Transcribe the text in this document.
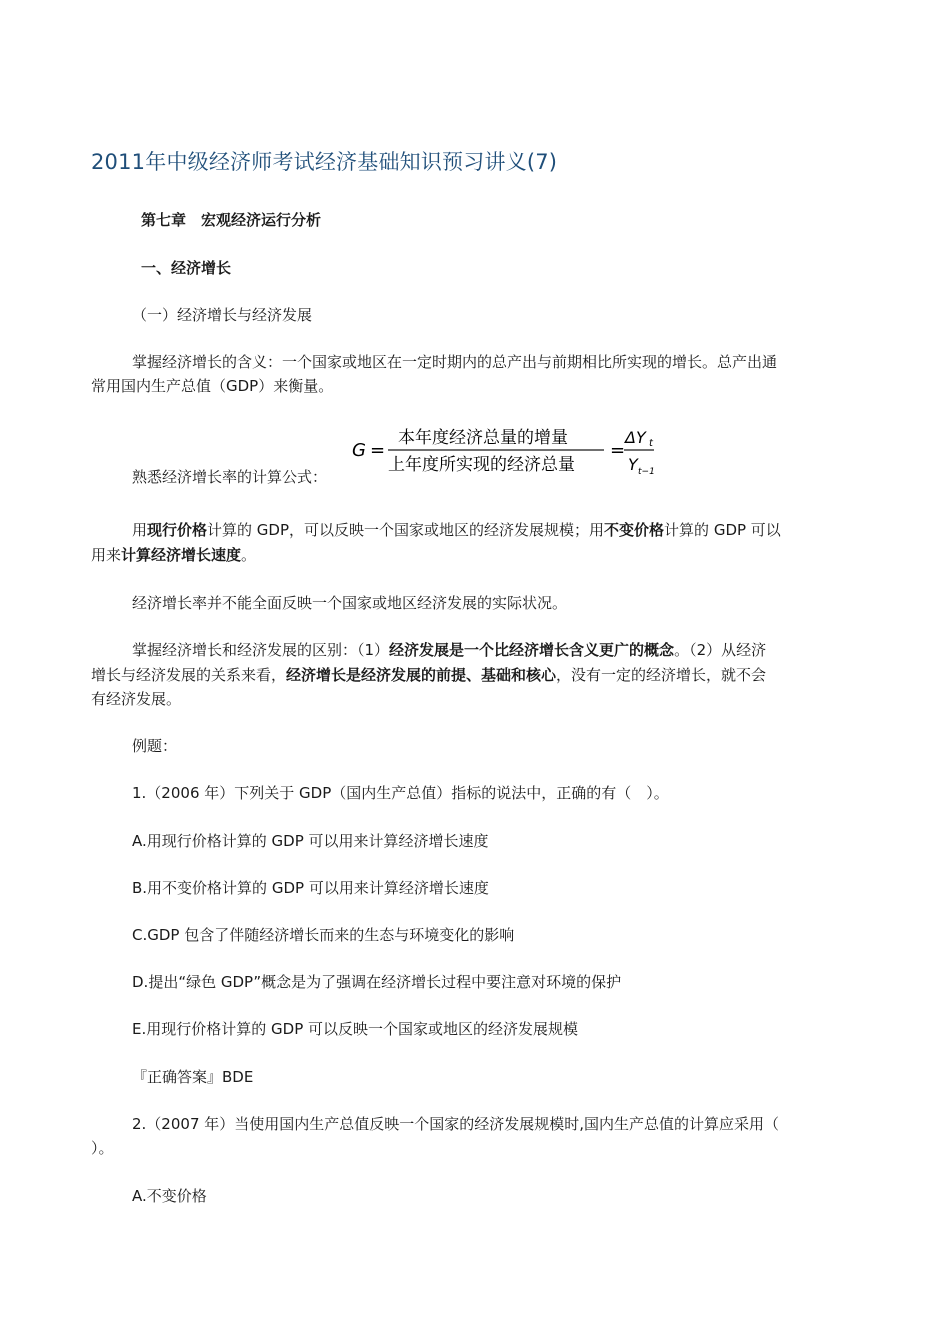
2011年中级经济师考试经济基础知识预习讲义(7)
第七章　宏观经济运行分析
一、经济增长
（一）经济增长与经济发展
掌握经济增长的含义：一个国家或地区在一定时期内的总产出与前期相比所实现的增长。总产出通
常用国内生产总值（GDP）来衡量。
熟悉经济增长率的计算公式：
G =
本年度经济总量的增量
上年度所实现的经济总量
=
ΔY t
Y t−1
用现行价格计算的 GDP，可以反映一个国家或地区的经济发展规模；用不变价格计算的 GDP 可以
用来计算经济增长速度。
经济增长率并不能全面反映一个国家或地区经济发展的实际状况。
掌握经济增长和经济发展的区别：（1）经济发展是一个比经济增长含义更广的概念。（2）从经济
增长与经济发展的关系来看，经济增长是经济发展的前提、基础和核心，没有一定的经济增长，就不会
有经济发展。
例题：
1.（2006 年）下列关于 GDP（国内生产总值）指标的说法中，正确的有（　）。
A.用现行价格计算的 GDP 可以用来计算经济增长速度
B.用不变价格计算的 GDP 可以用来计算经济增长速度
C.GDP 包含了伴随经济增长而来的生态与环境变化的影响
D.提出“绿色 GDP”概念是为了强调在经济增长过程中要注意对环境的保护
E.用现行价格计算的 GDP 可以反映一个国家或地区的经济发展规模
『正确答案』BDE
2.（2007 年）当使用国内生产总值反映一个国家的经济发展规模时,国内生产总值的计算应采用（
）。
A.不变价格
